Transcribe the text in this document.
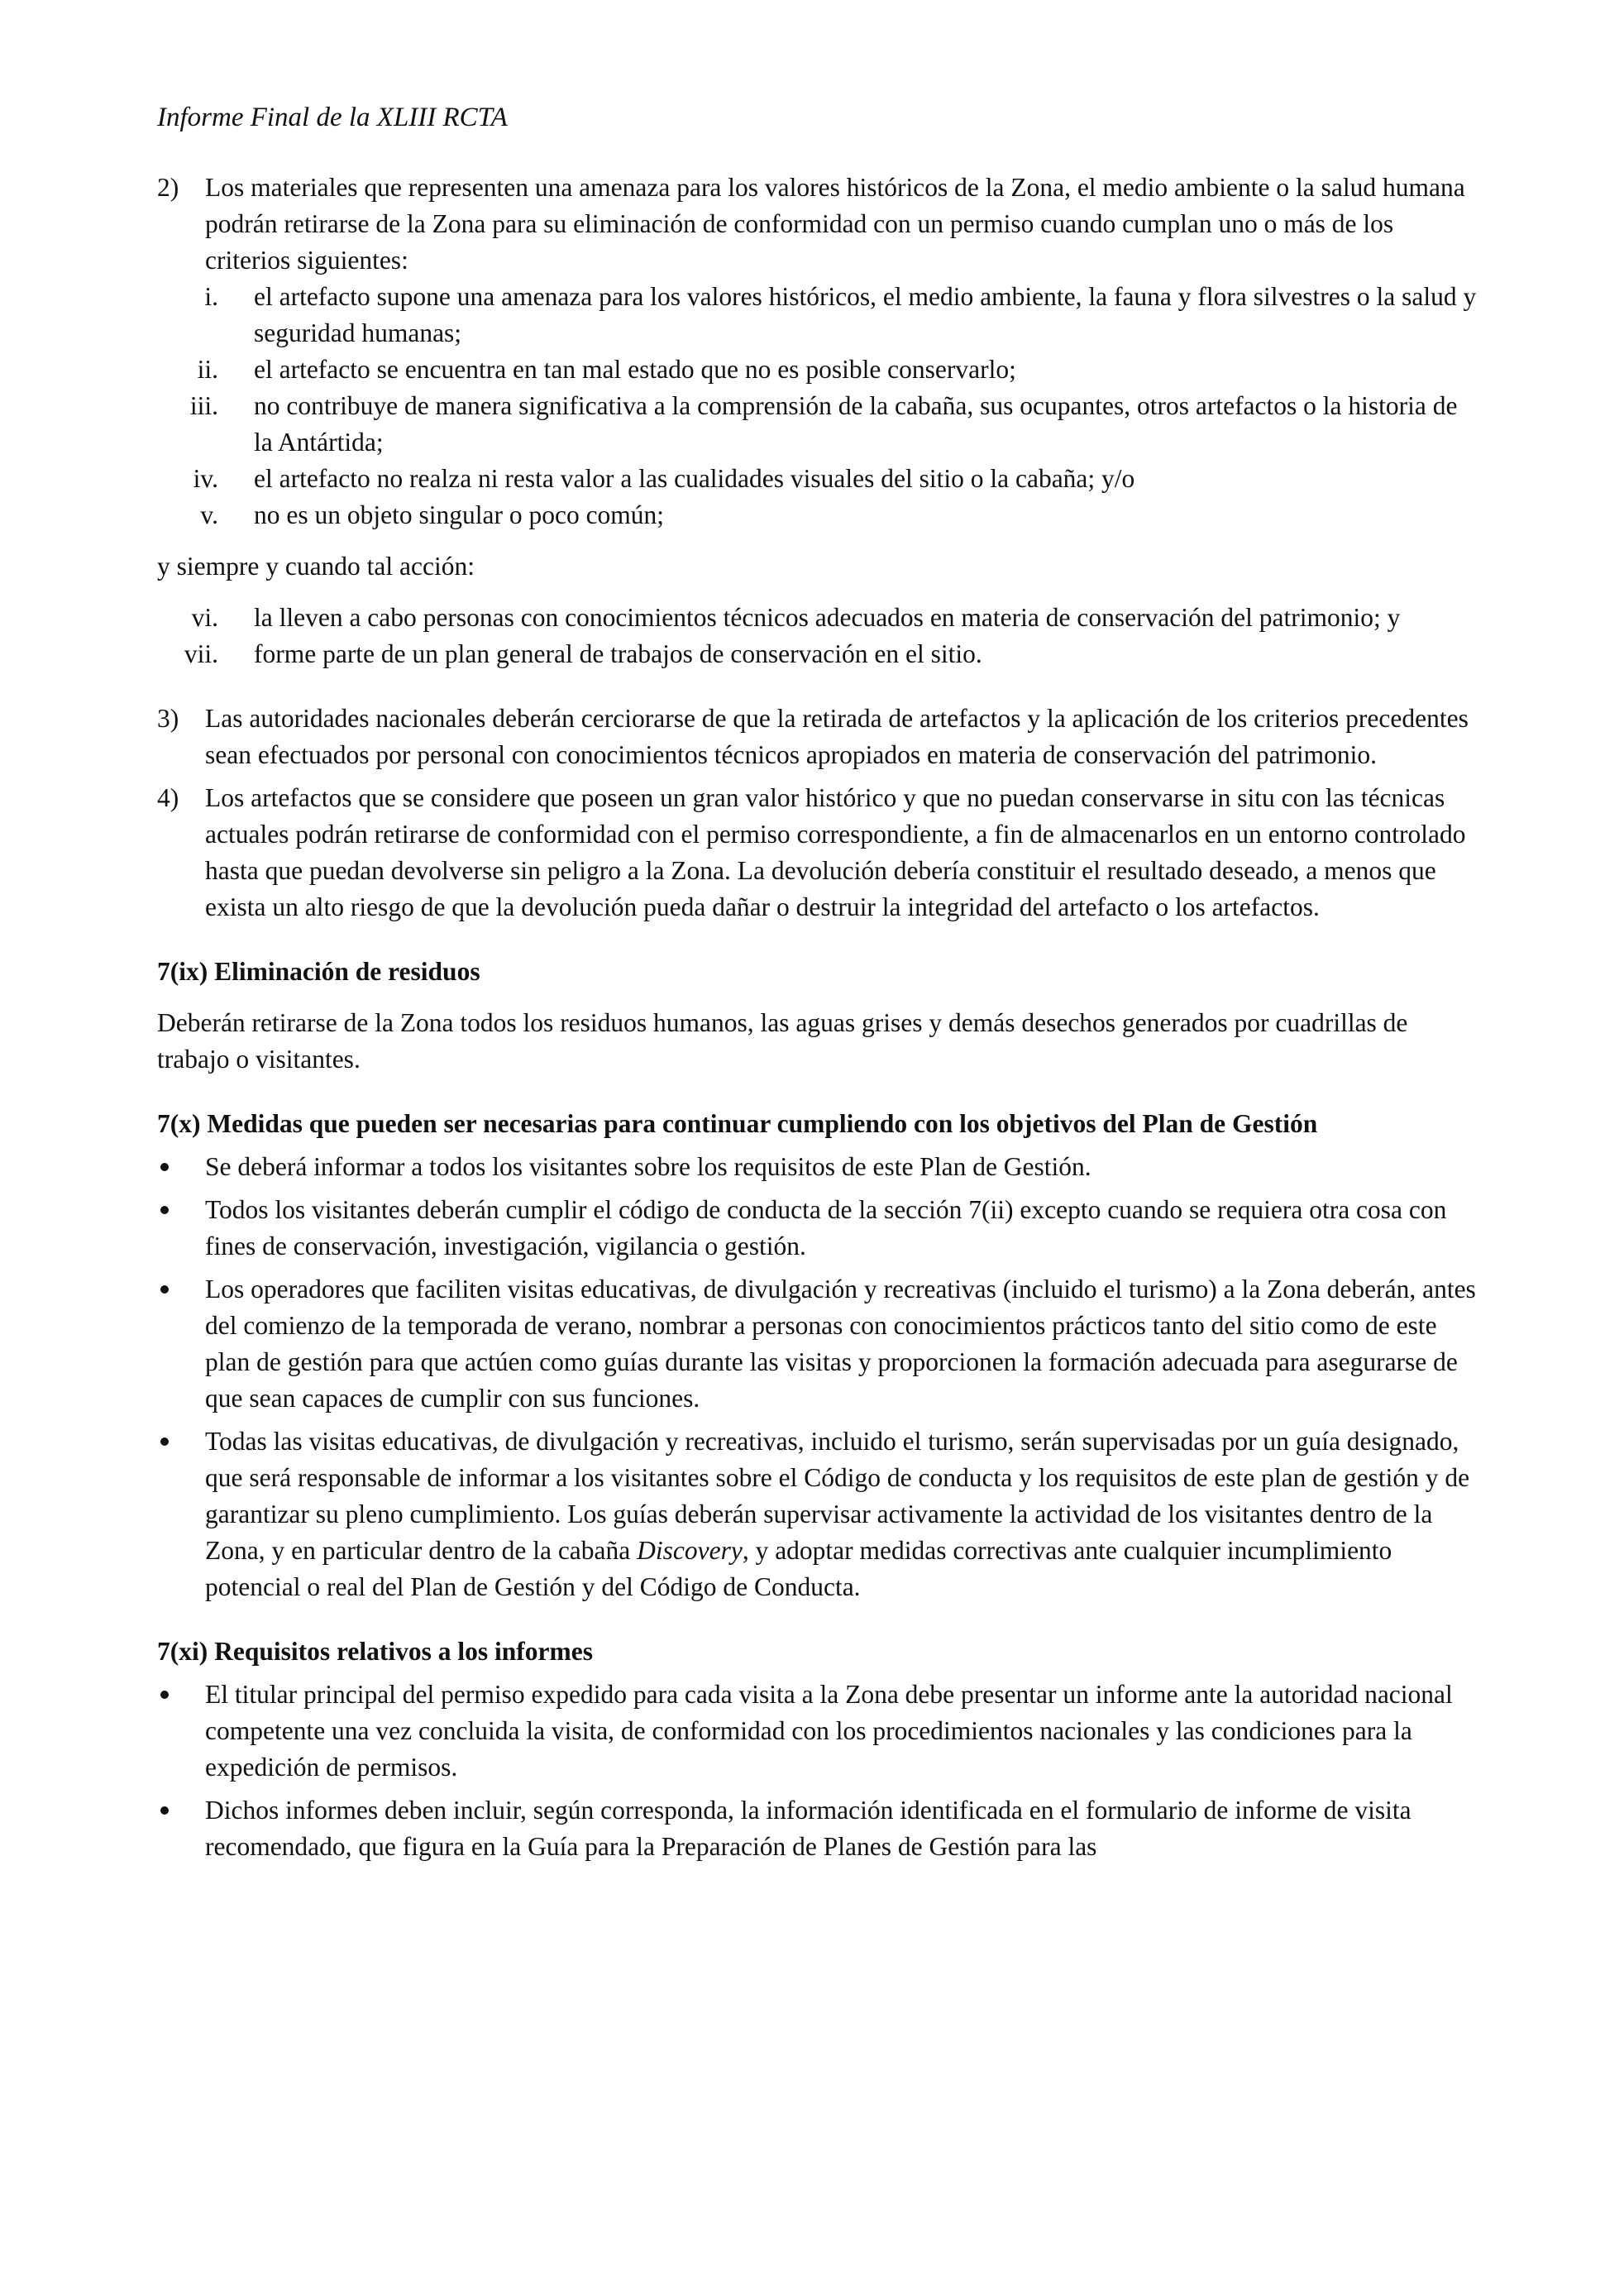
Informe Final de la XLIII RCTA
2)	Los materiales que representen una amenaza para los valores históricos de la Zona, el medio ambiente o la salud humana podrán retirarse de la Zona para su eliminación de conformidad con un permiso cuando cumplan uno o más de los criterios siguientes:
i.	el artefacto supone una amenaza para los valores históricos, el medio ambiente, la fauna y flora silvestres o la salud y seguridad humanas;
ii.	el artefacto se encuentra en tan mal estado que no es posible conservarlo;
iii.	no contribuye de manera significativa a la comprensión de la cabaña, sus ocupantes, otros artefactos o la historia de la Antártida;
iv.	el artefacto no realza ni resta valor a las cualidades visuales del sitio o la cabaña; y/o
v.	no es un objeto singular o poco común;

y siempre y cuando tal acción:

vi.	la lleven a cabo personas con conocimientos técnicos adecuados en materia de conservación del patrimonio; y
vii.	forme parte de un plan general de trabajos de conservación en el sitio.
3)	Las autoridades nacionales deberán cerciorarse de que la retirada de artefactos y la aplicación de los criterios precedentes sean efectuados por personal con conocimientos técnicos apropiados en materia de conservación del patrimonio.
4)	Los artefactos que se considere que poseen un gran valor histórico y que no puedan conservarse in situ con las técnicas actuales podrán retirarse de conformidad con el permiso correspondiente, a fin de almacenarlos en un entorno controlado hasta que puedan devolverse sin peligro a la Zona. La devolución debería constituir el resultado deseado, a menos que exista un alto riesgo de que la devolución pueda dañar o destruir la integridad del artefacto o los artefactos.

7(ix) Eliminación de residuos

Deberán retirarse de la Zona todos los residuos humanos, las aguas grises y demás desechos generados por cuadrillas de trabajo o visitantes.

7(x) Medidas que pueden ser necesarias para continuar cumpliendo con los objetivos del Plan de Gestión

Se deberá informar a todos los visitantes sobre los requisitos de este Plan de Gestión.
Todos los visitantes deberán cumplir el código de conducta de la sección 7(ii) excepto cuando se requiera otra cosa con fines de conservación, investigación, vigilancia o gestión.
Los operadores que faciliten visitas educativas, de divulgación y recreativas (incluido el turismo) a la Zona deberán, antes del comienzo de la temporada de verano, nombrar a personas con conocimientos prácticos tanto del sitio como de este plan de gestión para que actúen como guías durante las visitas y proporcionen la formación adecuada para asegurarse de que sean capaces de cumplir con sus funciones.
Todas las visitas educativas, de divulgación y recreativas, incluido el turismo, serán supervisadas por un guía designado, que será responsable de informar a los visitantes sobre el Código de conducta y los requisitos de este plan de gestión y de garantizar su pleno cumplimiento. Los guías deberán supervisar activamente la actividad de los visitantes dentro de la Zona, y en particular dentro de la cabaña Discovery, y adoptar medidas correctivas ante cualquier incumplimiento potencial o real del Plan de Gestión y del Código de Conducta.

7(xi) Requisitos relativos a los informes

El titular principal del permiso expedido para cada visita a la Zona debe presentar un informe ante la autoridad nacional competente una vez concluida la visita, de conformidad con los procedimientos nacionales y las condiciones para la expedición de permisos.
Dichos informes deben incluir, según corresponda, la información identificada en el formulario de informe de visita recomendado, que figura en la Guía para la Preparación de Planes de Gestión para las
